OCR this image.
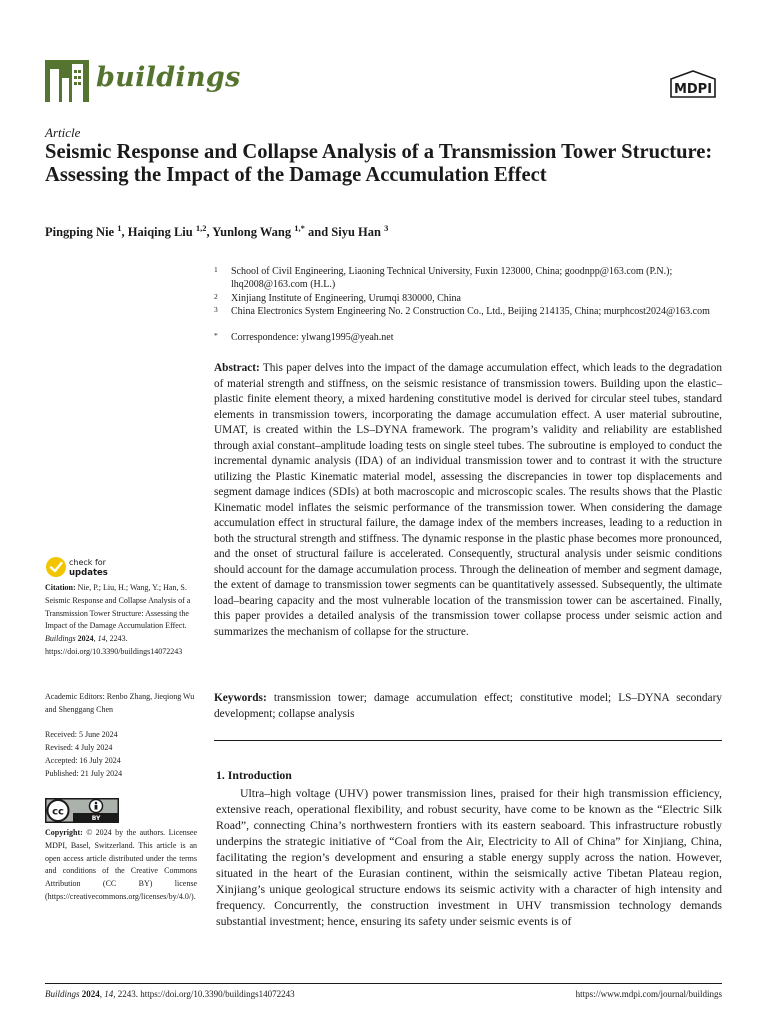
buildings	MDPI
Article
Seismic Response and Collapse Analysis of a Transmission Tower Structure: Assessing the Impact of the Damage Accumulation Effect
Pingping Nie $^1$, Haiqing Liu $^{1,2}$, Yunlong Wang $^{1,*}$ and Siyu Han $^3$
1 School of Civil Engineering, Liaoning Technical University, Fuxin 123000, China; goodnpp@163.com (P.N.); lhq2008@163.com (H.L.)
2 Xinjiang Institute of Engineering, Urumqi 830000, China
3 China Electronics System Engineering No. 2 Construction Co., Ltd., Beijing 214135, China; murphcost2024@163.com
* Correspondence: ylwang1995@yeah.net

Abstract: This paper delves into the impact of the damage accumulation effect, which leads to the degradation of material strength and stiffness, on the seismic resistance of transmission towers. Building upon the elastic–plastic finite element theory, a mixed hardening constitutive model is derived for circular steel tubes, standard elements in transmission towers, incorporating the damage accumulation effect. A user material subroutine, UMAT, is created within the LS–DYNA framework. The program’s validity and reliability are established through axial constant–amplitude loading tests on single steel tubes. The subroutine is employed to conduct the incremental dynamic analysis (IDA) of an individual transmission tower and to contrast it with the structure utilizing the Plastic Kinematic material model, assessing the discrepancies in tower top displacements and segment damage indices (SDIs) at both macroscopic and microscopic scales. The results shows that the Plastic Kinematic model inflates the seismic performance of the transmission tower. When considering the damage accumulation effect in structural failure, the damage index of the members increases, leading to a reduction in both the structural strength and stiffness. The dynamic response in the plastic phase becomes more pronounced, and the onset of structural failure is accelerated. Consequently, structural analysis under seismic conditions should account for the damage accumulation process. Through the delineation of member and segment damage, the extent of damage to transmission tower segments can be quantitatively assessed. Subsequently, the ultimate load–bearing capacity and the most vulnerable location of the transmission tower can be ascertained. Finally, this paper provides a detailed analysis of the transmission tower collapse process under seismic action and summarizes the mechanism of collapse for the structure.

Keywords: transmission tower; damage accumulation effect; constitutive model; LS–DYNA secondary development; collapse analysis

1. Introduction

Ultra–high voltage (UHV) power transmission lines, praised for their high transmission efficiency, extensive reach, operational flexibility, and robust security, have come to be known as the “Electric Silk Road”, connecting China’s northwestern frontiers with its eastern seaboard. This infrastructure robustly underpins the strategic initiative of “Coal from the Air, Electricity to All of China” for Xinjiang, China, facilitating the region’s development and ensuring a stable energy supply across the nation. However, situated in the heart of the Eurasian continent, within the seismically active Tibetan Plateau region, Xinjiang’s unique geological structure endows its seismic activity with a character of high intensity and frequency. Concurrently, the construction investment in UHV transmission technology demands substantial investment; hence, ensuring its safety under seismic events is of

check for
updates
Citation: Nie, P.; Liu, H.; Wang, Y.; Han, S. Seismic Response and Collapse Analysis of a Transmission Tower Structure: Assessing the Impact of the Damage Accumulation Effect. Buildings 2024, 14, 2243. https://doi.org/10.3390/buildings14072243
Academic Editors: Renbo Zhang, Jieqiong Wu and Shenggang Chen
Received: 5 June 2024
Revised: 4 July 2024
Accepted: 16 July 2024
Published: 21 July 2024
cc
BY
Copyright: © 2024 by the authors. Licensee MDPI, Basel, Switzerland. This article is an open access article distributed under the terms and conditions of the Creative Commons Attribution (CC BY) license (https://creativecommons.org/licenses/by/4.0/).
Buildings 2024, 14, 2243. https://doi.org/10.3390/buildings14072243	https://www.mdpi.com/journal/buildings
